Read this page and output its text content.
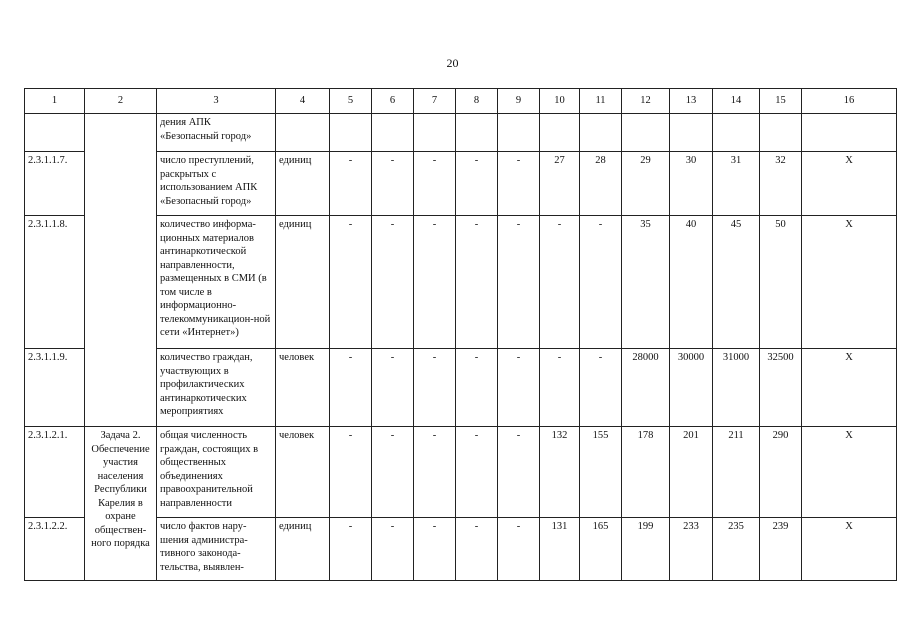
20
1	2	3	4	5	6	7	8	9	10	11	12	13	14	15	16
		дения АПК «Безопасный город»													
2.3.1.1.7.		число преступлений, раскрытых с использованием АПК «Безопасный город»	единиц	-	-	-	-	-	27	28	29	30	31	32	Х
2.3.1.1.8.		количество информа-ционных материалов антинаркотической направленности, размещенных в СМИ (в том числе в информационно-телекоммуникацион-ной сети «Интернет»)	единиц	-	-	-	-	-	-	-	35	40	45	50	Х
2.3.1.1.9.		количество граждан, участвующих в профилактических антинаркотических мероприятиях	человек	-	-	-	-	-	-	-	28000	30000	31000	32500	Х
2.3.1.2.1.	Задача 2. Обеспечение участия населения Республики Карелия в охране обществен-ного порядка	общая численность граждан, состоящих в общественных объединениях правоохранительной направленности	человек	-	-	-	-	-	132	155	178	201	211	290	Х
2.3.1.2.2.		число фактов нару-шения администра-тивного законода-тельства, выявлен-	единиц	-	-	-	-	-	131	165	199	233	235	239	Х
